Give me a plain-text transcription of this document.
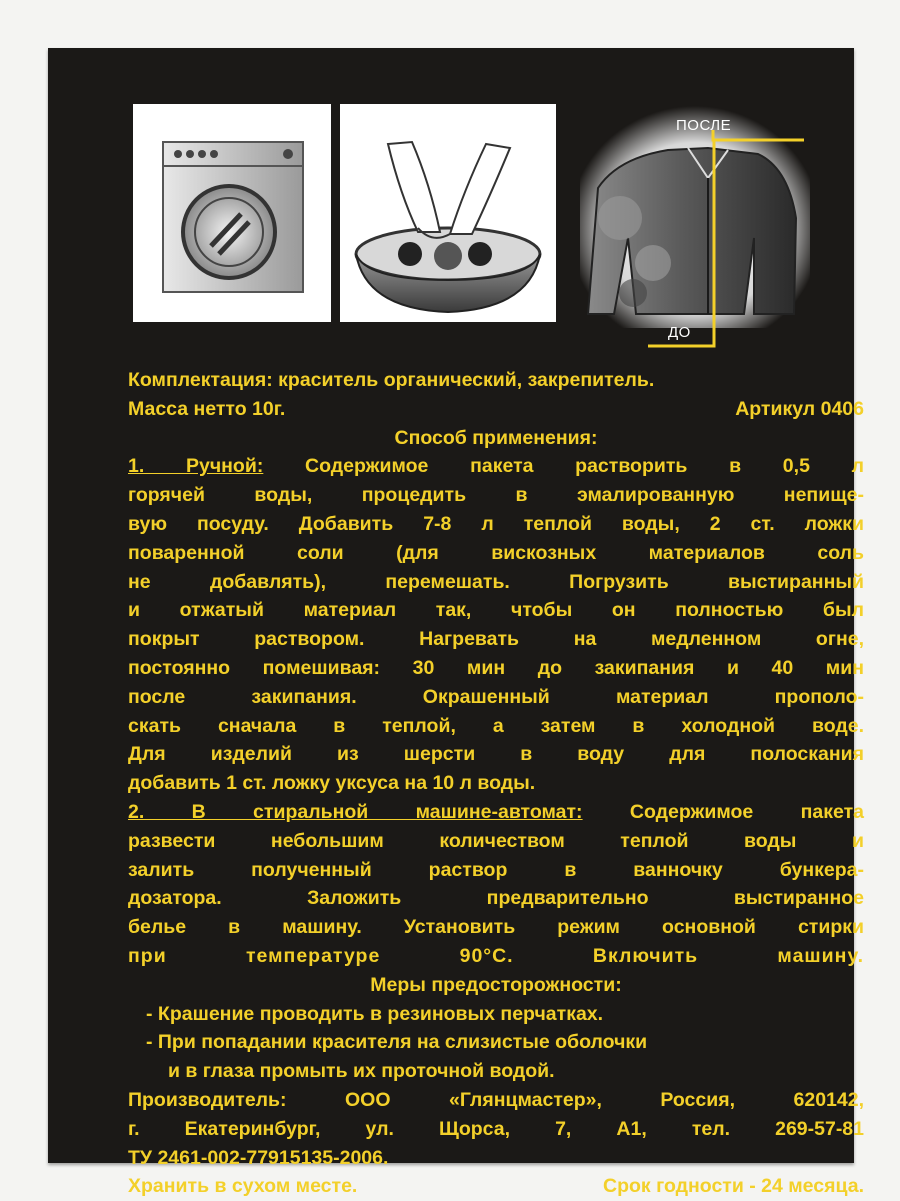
ПОСЛЕ
ДО
Комплектация: краситель органический, закрепитель.
Масса нетто 10г.	Артикул 0406
Способ применения:
1. Ручной: Содержимое пакета растворить в 0,5 л
горячей воды, процедить в эмалированную непище-
вую посуду. Добавить 7-8 л теплой воды, 2 ст. ложки
поваренной соли (для вискозных материалов соль
не добавлять), перемешать. Погрузить выстиранный
и отжатый материал так, чтобы он полностью был
покрыт раствором. Нагревать на медленном огне,
постоянно помешивая: 30 мин до закипания и 40 мин
после закипания. Окрашенный материал прополо-
скать сначала в теплой, а затем в холодной воде.
Для изделий из шерсти в воду для полоскания
добавить 1 ст. ложку уксуса на 10 л воды.
2. В стиральной машине-автомат: Содержимое пакета
развести небольшим количеством теплой воды и
залить полученный раствор в ванночку бункера-
дозатора. Заложить предварительно выстиранное
белье в машину. Установить режим основной стирки
при температуре 90°С. Включить машину.
Меры предосторожности:
- Крашение проводить в резиновых перчатках.
- При попадании красителя на слизистые оболочки
и в глаза промыть их проточной водой.
Производитель: ООО «Глянцмастер», Россия, 620142,
г. Екатеринбург, ул. Щорса, 7, А1, тел. 269-57-81
ТУ 2461-002-77915135-2006.
Хранить в сухом месте.	Срок годности - 24 месяца.
